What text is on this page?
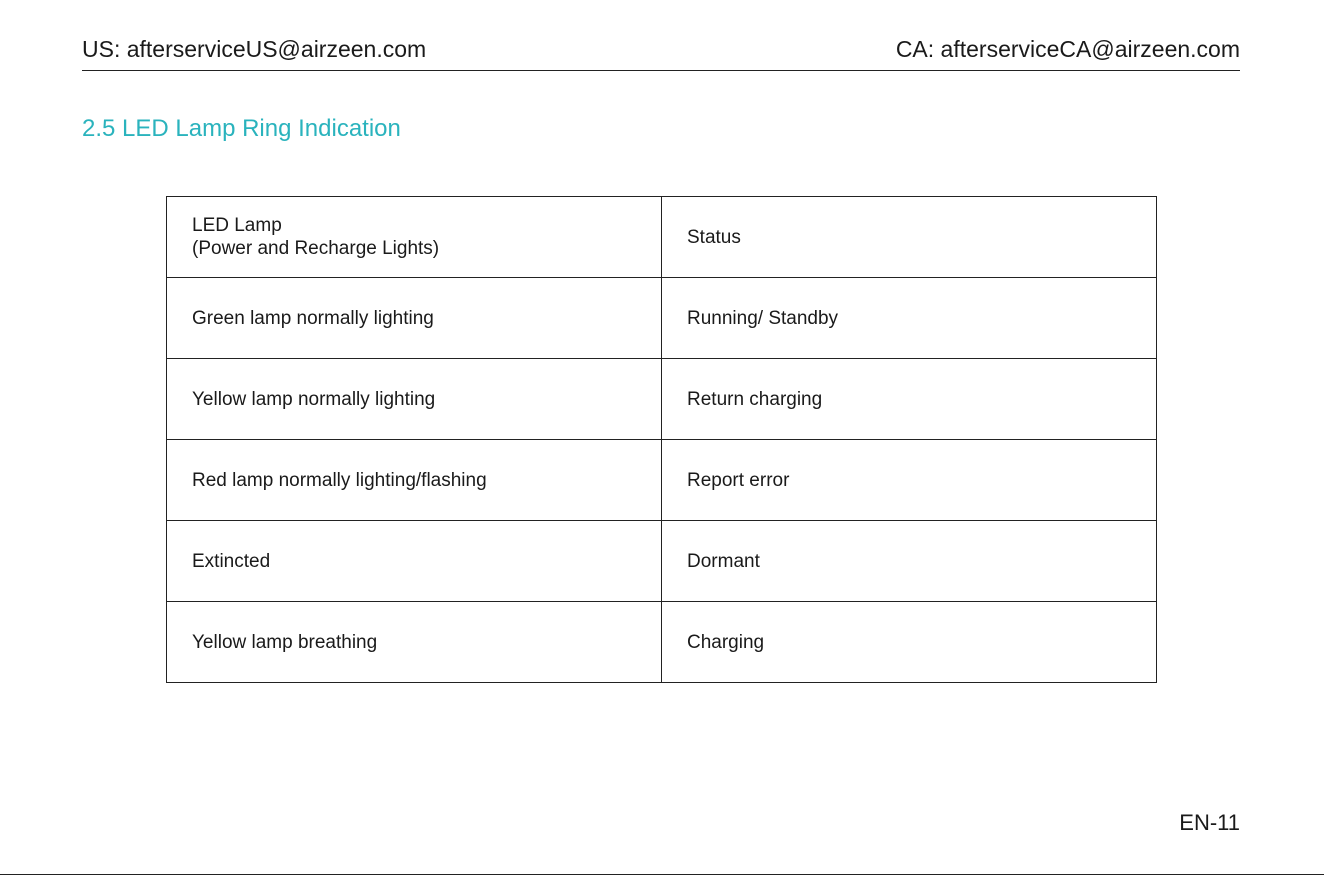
US: afterserviceUS@airzeen.com	CA: afterserviceCA@airzeen.com
2.5 LED Lamp Ring Indication
LED Lamp
(Power and Recharge Lights)	Status
Green lamp normally lighting	Running/ Standby
Yellow lamp normally lighting	Return charging
Red lamp normally lighting/flashing	Report error
Extincted	Dormant
Yellow lamp breathing	Charging
EN-11
